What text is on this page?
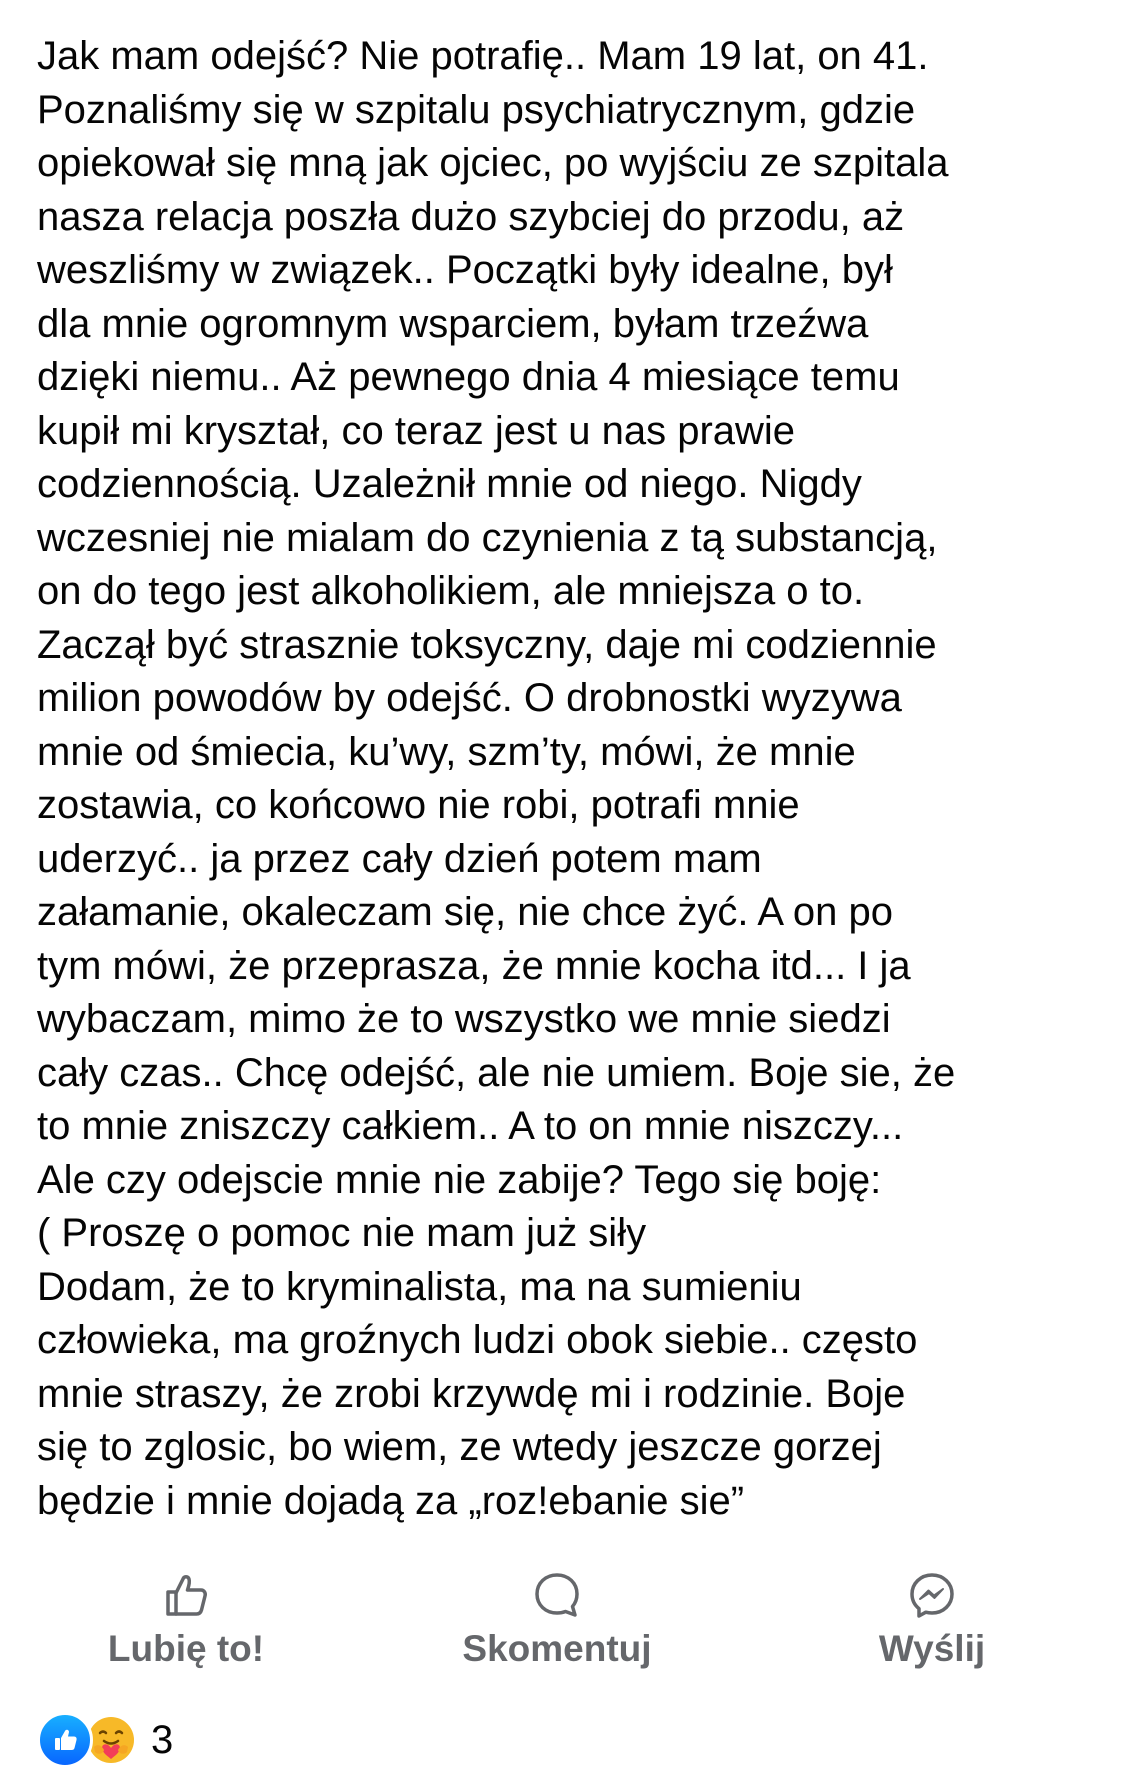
Jak mam odejść? Nie potrafię.. Mam 19 lat, on 41.
Poznaliśmy się w szpitalu psychiatrycznym, gdzie
opiekował się mną jak ojciec, po wyjściu ze szpitala
nasza relacja poszła dużo szybciej do przodu, aż
weszliśmy w związek.. Początki były idealne, był
dla mnie ogromnym wsparciem, byłam trzeźwa
dzięki niemu.. Aż pewnego dnia 4 miesiące temu
kupił mi kryształ, co teraz jest u nas prawie
codziennością. Uzależnił mnie od niego. Nigdy
wczesniej nie mialam do czynienia z tą substancją,
on do tego jest alkoholikiem, ale mniejsza o to.
Zaczął być strasznie toksyczny, daje mi codziennie
milion powodów by odejść. O drobnostki wyzywa
mnie od śmiecia, ku’wy, szm’ty, mówi, że mnie
zostawia, co końcowo nie robi, potrafi mnie
uderzyć.. ja przez cały dzień potem mam
załamanie, okaleczam się, nie chce żyć. A on po
tym mówi, że przeprasza, że mnie kocha itd... I ja
wybaczam, mimo że to wszystko we mnie siedzi
cały czas.. Chcę odejść, ale nie umiem. Boje sie, że
to mnie zniszczy całkiem.. A to on mnie niszczy...
Ale czy odejscie mnie nie zabije? Tego się boję:
( Proszę o pomoc nie mam już siły
Dodam, że to kryminalista, ma na sumieniu
człowieka, ma groźnych ludzi obok siebie.. często
mnie straszy, że zrobi krzywdę mi i rodzinie. Boje
się to zglosic, bo wiem, ze wtedy jeszcze gorzej
będzie i mnie dojadą za „roz!ebanie sie”
Lubię to!	Skomentuj	Wyślij
3
